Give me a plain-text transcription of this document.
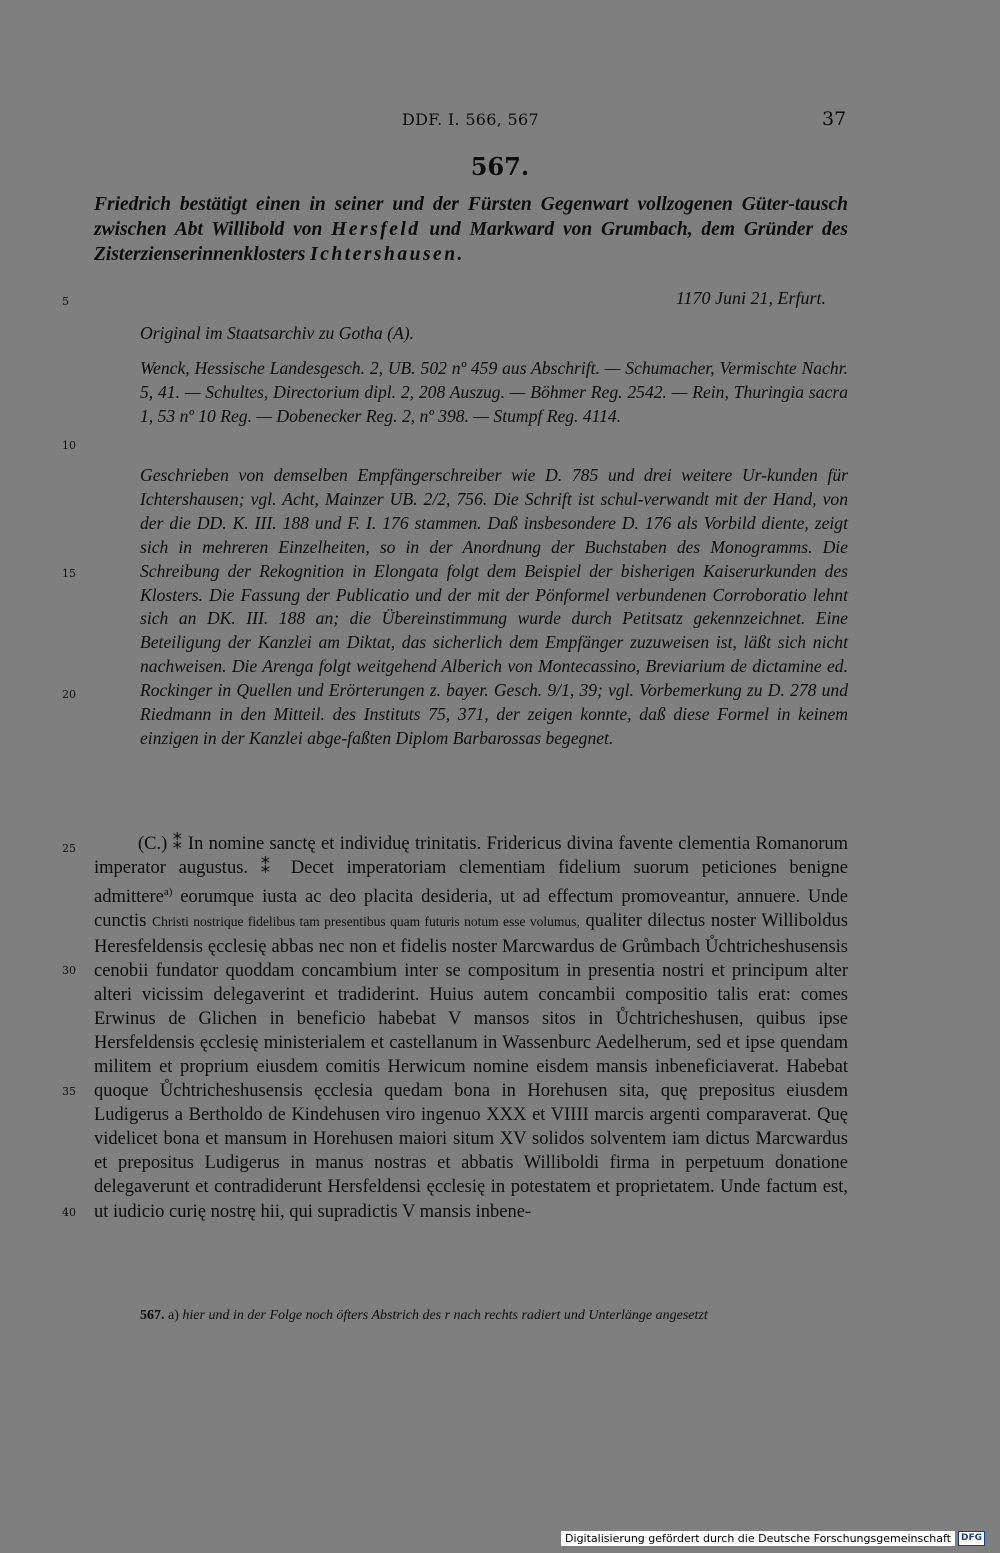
DDF. I. 566, 567	37
567.
Friedrich bestätigt einen in seiner und der Fürsten Gegenwart vollzogenen Güter-tausch zwischen Abt Willibold von Hersfeld und Markward von Grumbach, dem Gründer des Zisterzienserinnenklosters Ichtershausen.
1170 Juni 21, Erfurt.
Original im Staatsarchiv zu Gotha (A).
Wenck, Hessische Landesgesch. 2, UB. 502 nº 459 aus Abschrift. — Schumacher, Vermischte Nachr. 5, 41. — Schultes, Directorium dipl. 2, 208 Auszug. — Böhmer Reg. 2542. — Rein, Thuringia sacra 1, 53 nº 10 Reg. — Dobenecker Reg. 2, nº 398. — Stumpf Reg. 4114.
Geschrieben von demselben Empfängerschreiber wie D. 785 und drei weitere Ur-kunden für Ichtershausen; vgl. Acht, Mainzer UB. 2/2, 756. Die Schrift ist schul-verwandt mit der Hand, von der die DD. K. III. 188 und F. I. 176 stammen. Daß insbesondere D. 176 als Vorbild diente, zeigt sich in mehreren Einzelheiten, so in der Anordnung der Buchstaben des Monogramms. Die Schreibung der Rekognition in Elongata folgt dem Beispiel der bisherigen Kaiserurkunden des Klosters. Die Fassung der Publicatio und der mit der Pönformel verbundenen Corroboratio lehnt sich an DK. III. 188 an; die Übereinstimmung wurde durch Petitsatz gekennzeichnet. Eine Beteiligung der Kanzlei am Diktat, das sicherlich dem Empfänger zuzuweisen ist, läßt sich nicht nachweisen. Die Arenga folgt weitgehend Alberich von Montecassino, Breviarium de dictamine ed. Rockinger in Quellen und Erörterungen z. bayer. Gesch. 9/1, 39; vgl. Vorbemerkung zu D. 278 und Riedmann in den Mitteil. des Instituts 75, 371, der zeigen konnte, daß diese Formel in keinem einzigen in der Kanzlei abge-faßten Diplom Barbarossas begegnet.
(C.) ⁑ In nomine sanctę et individuę trinitatis. Fridericus divina favente clementia Romanorum imperator augustus. ⁑ Decet imperatoriam clementiam fidelium suorum peticiones benigne admittere$^{a)}$ eorumque iusta ac deo placita desideria, ut ad effectum promoveantur, annuere. Unde cunctis Christi nostrique fidelibus tam presentibus quam futuris notum esse volumus, qualiter dilectus noster Williboldus Heresfeldensis ęcclesię abbas nec non et fidelis noster Marcwardus de Grůmbach Ůchtricheshusensis cenobii fundator quoddam concambium inter se compositum in presentia nostri et principum alter alteri vicissim delegaverint et tradiderint. Huius autem concambii compositio talis erat: comes Erwinus de Glichen in beneficio habebat V mansos sitos in Ůchtricheshusen, quibus ipse Hersfeldensis ęcclesię ministerialem et castellanum in Wassenburc Aedelherum, sed et ipse quendam militem et proprium eiusdem comitis Herwicum nomine eisdem mansis inbeneficiaverat. Habebat quoque Ůchtricheshusensis ęcclesia quedam bona in Horehusen sita, quę prepositus eiusdem Ludigerus a Bertholdo de Kindehusen viro ingenuo XXX et VIIII marcis argenti comparaverat. Quę videlicet bona et mansum in Horehusen maiori situm XV solidos solventem iam dictus Marcwardus et prepositus Ludigerus in manus nostras et abbatis Williboldi firma in perpetuum donatione delegaverunt et contradiderunt Hersfeldensi ęcclesię in potestatem et proprietatem. Unde factum est, ut iudicio curię nostrę hii, qui supradictis V mansis inbene-
5
10
15
20
25
30
35
40
567. a) hier und in der Folge noch öfters Abstrich des r nach rechts radiert und Unterlänge angesetzt
Digitalisierung gefördert durch die Deutsche Forschungsgemeinschaft	DFG
